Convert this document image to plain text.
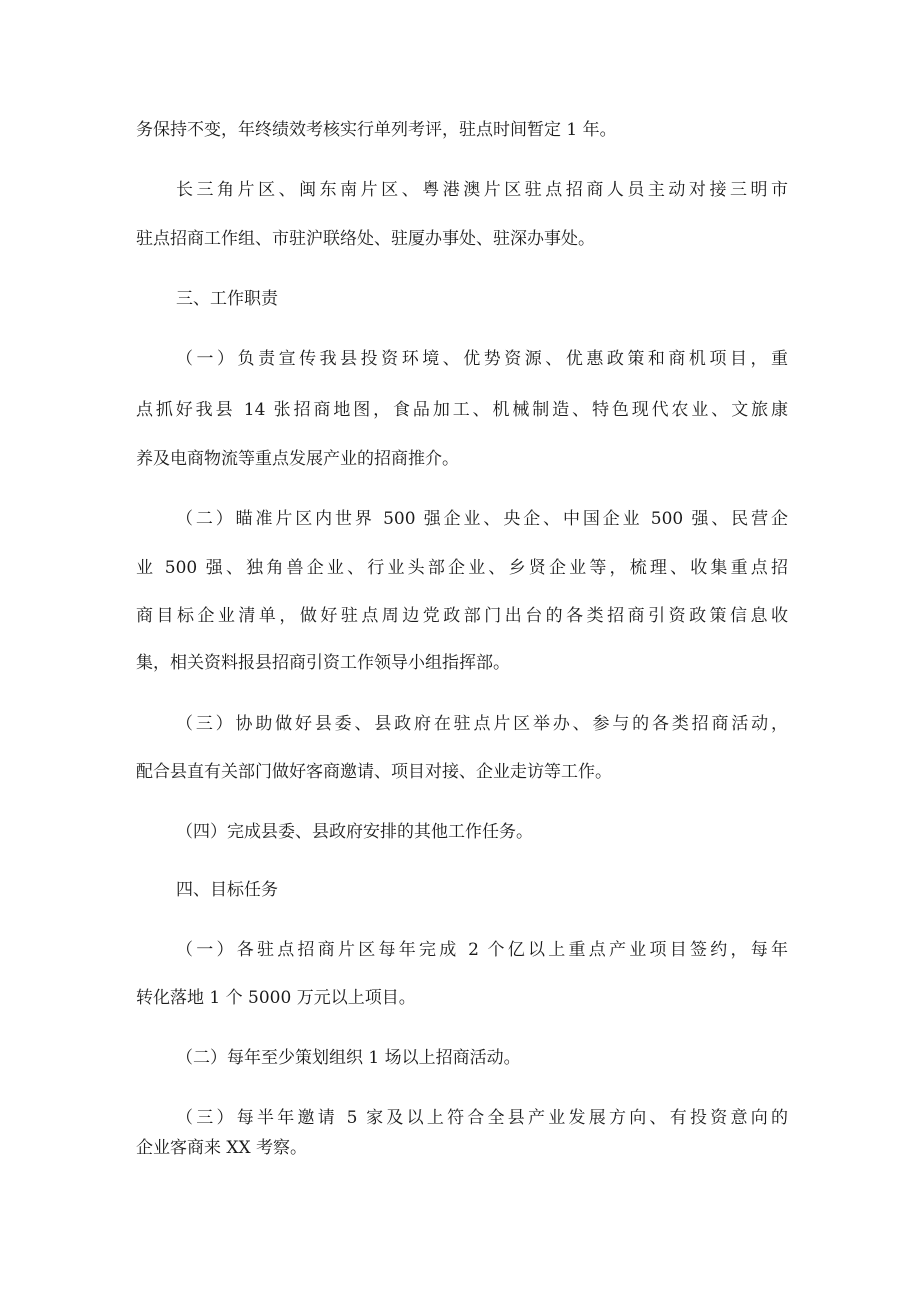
务保持不变，年终绩效考核实行单列考评，驻点时间暂定 1 年。
长三角片区、闽东南片区、粤港澳片区驻点招商人员主动对接三明市
驻点招商工作组、市驻沪联络处、驻厦办事处、驻深办事处。
三、工作职责
（一）负责宣传我县投资环境、优势资源、优惠政策和商机项目，重
点抓好我县 14 张招商地图，食品加工、机械制造、特色现代农业、文旅康
养及电商物流等重点发展产业的招商推介。
（二）瞄准片区内世界 500 强企业、央企、中国企业 500 强、民营企
业 500 强、独角兽企业、行业头部企业、乡贤企业等，梳理、收集重点招
商目标企业清单，做好驻点周边党政部门出台的各类招商引资政策信息收
集，相关资料报县招商引资工作领导小组指挥部。
（三）协助做好县委、县政府在驻点片区举办、参与的各类招商活动，
配合县直有关部门做好客商邀请、项目对接、企业走访等工作。
（四）完成县委、县政府安排的其他工作任务。
四、目标任务
（一）各驻点招商片区每年完成 2 个亿以上重点产业项目签约，每年
转化落地 1 个 5000 万元以上项目。
（二）每年至少策划组织 1 场以上招商活动。
（三）每半年邀请 5 家及以上符合全县产业发展方向、有投资意向的
企业客商来 XX 考察。
